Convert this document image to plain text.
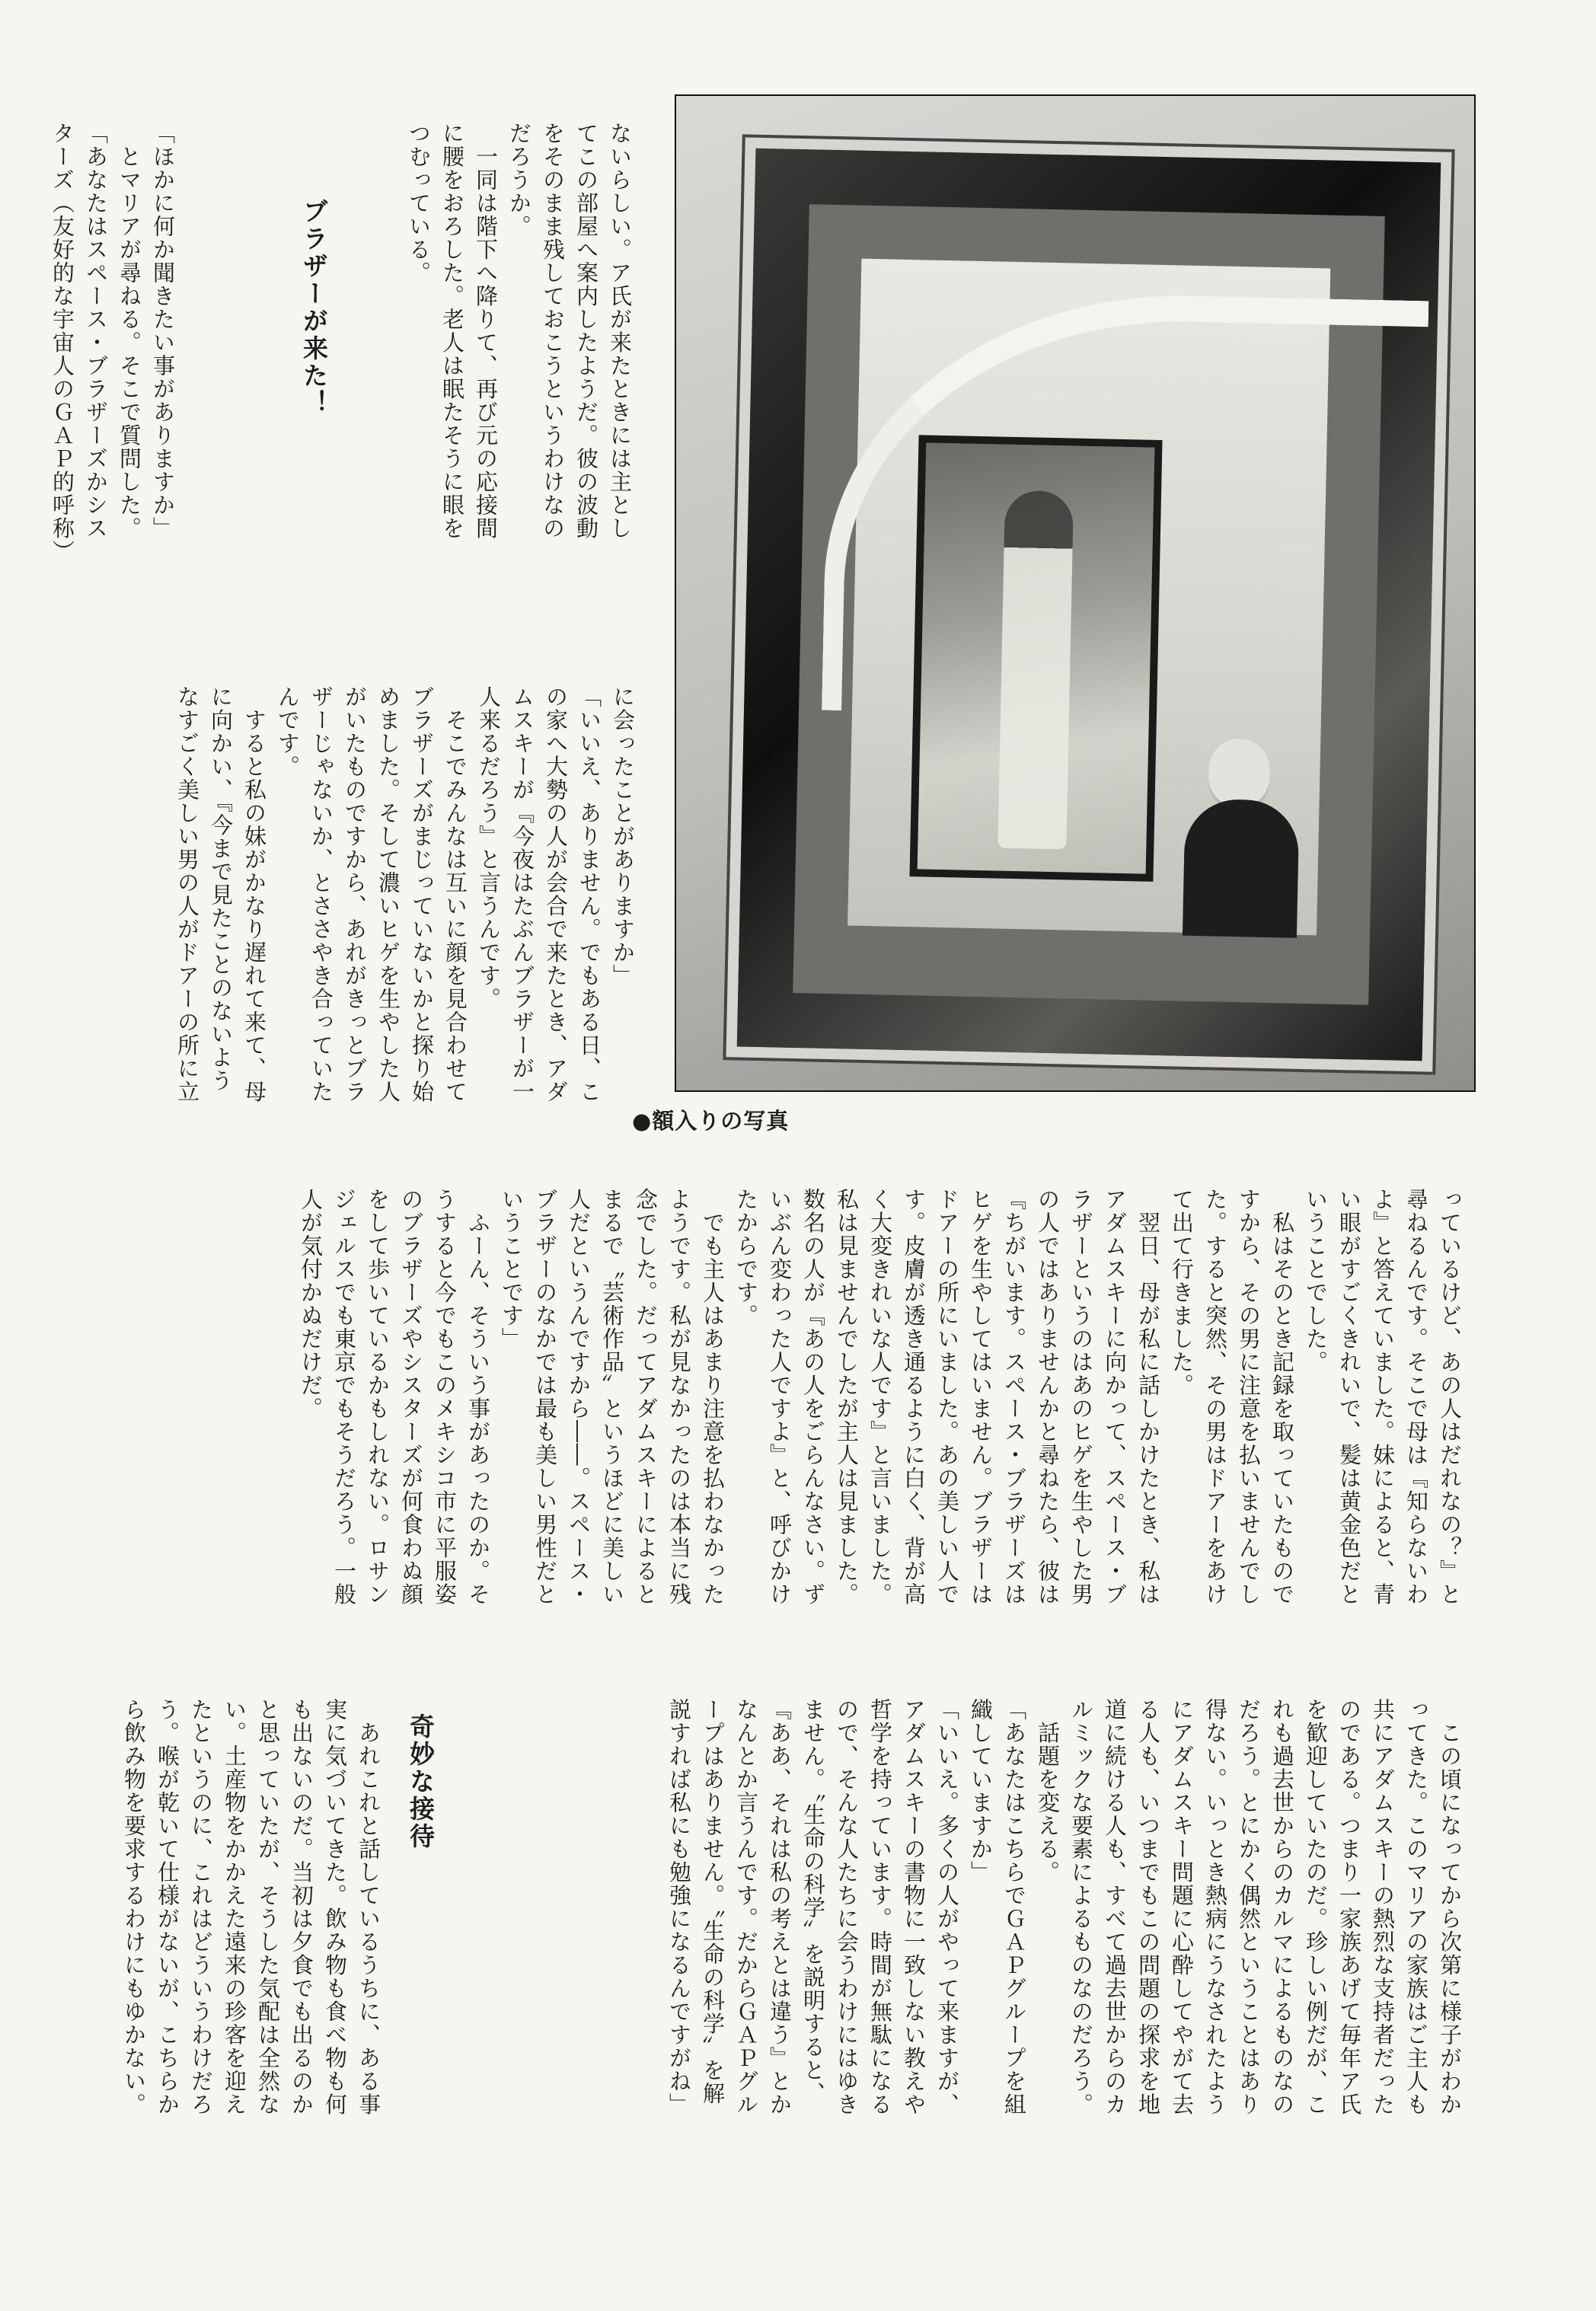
●額入りの写真
ないらしい。ア氏が来たときには主とし
てこの部屋へ案内したようだ。彼の波動
をそのまま残しておこうというわけなの
だろうか。
　一同は階下へ降りて、再び元の応接間
に腰をおろした。老人は眠たそうに眼を
つむっている。
ブラザーが来た！
「ほかに何か聞きたい事がありますか」
　とマリアが尋ねる。そこで質問した。
「あなたはスペース・ブラザーズかシス
ターズ（友好的な宇宙人のＧＡＰ的呼称）
に会ったことがありますか」
「いいえ、ありません。でもある日、こ
の家へ大勢の人が会合で来たとき、アダ
ムスキーが『今夜はたぶんブラザーが一
人来るだろう』と言うんです。
　そこでみんなは互いに顔を見合わせて
ブラザーズがまじっていないかと探り始
めました。そして濃いヒゲを生やした人
がいたものですから、あれがきっとブラ
ザーじゃないか、とささやき合っていた
んです。
　すると私の妹がかなり遅れて来て、母
に向かい、『今まで見たことのないよう
なすごく美しい男の人がドアーの所に立
っているけど、あの人はだれなの？』と
尋ねるんです。そこで母は『知らないわ
よ』と答えていました。妹によると、青
い眼がすごくきれいで、髪は黄金色だと
いうことでした。
　私はそのとき記録を取っていたもので
すから、その男に注意を払いませんでし
た。すると突然、その男はドアーをあけ
て出て行きました。
　翌日、母が私に話しかけたとき、私は
アダムスキーに向かって、スペース・ブ
ラザーというのはあのヒゲを生やした男
の人ではありませんかと尋ねたら、彼は
『ちがいます。スペース・ブラザーズは
ヒゲを生やしてはいません。ブラザーは
ドアーの所にいました。あの美しい人で
す。皮膚が透き通るように白く、背が高
く大変きれいな人です』と言いました。
私は見ませんでしたが主人は見ました。
数名の人が『あの人をごらんなさい。ず
いぶん変わった人ですよ』と、呼びかけ
たからです。
　でも主人はあまり注意を払わなかった
ようです。私が見なかったのは本当に残
念でした。だってアダムスキーによると
まるで〝芸術作品〟というほどに美しい
人だというんですから――。スペース・
ブラザーのなかでは最も美しい男性だと
いうことです」
　ふーん、そういう事があったのか。そ
うすると今でもこのメキシコ市に平服姿
のブラザーズやシスターズが何食わぬ顔
をして歩いているかもしれない。ロサン
ジェルスでも東京でもそうだろう。一般
人が気付かぬだけだ。
　この頃になってから次第に様子がわか
ってきた。このマリアの家族はご主人も
共にアダムスキーの熱烈な支持者だった
のである。つまり一家族あげて毎年ア氏
を歓迎していたのだ。珍しい例だが、こ
れも過去世からのカルマによるものなの
だろう。とにかく偶然ということはあり
得ない。いっとき熱病にうなされたよう
にアダムスキー問題に心酔してやがて去
る人も、いつまでもこの問題の探求を地
道に続ける人も、すべて過去世からのカ
ルミックな要素によるものなのだろう。
　話題を変える。
「あなたはこちらでＧＡＰグループを組
織していますか」
「いいえ。多くの人がやって来ますが、
アダムスキーの書物に一致しない教えや
哲学を持っています。時間が無駄になる
ので、そんな人たちに会うわけにはゆき
ません。〝生命の科学〟を説明すると、
『ああ、それは私の考えとは違う』とか
なんとか言うんです。だからＧＡＰグル
ープはありません。〝生命の科学〟を解
説すれば私にも勉強になるんですがね」
奇妙な接待
　あれこれと話しているうちに、ある事
実に気づいてきた。飲み物も食べ物も何
も出ないのだ。当初は夕食でも出るのか
と思っていたが、そうした気配は全然な
い。土産物をかかえた遠来の珍客を迎え
たというのに、これはどういうわけだろ
う。喉が乾いて仕様がないが、こちらか
ら飲み物を要求するわけにもゆかない。
